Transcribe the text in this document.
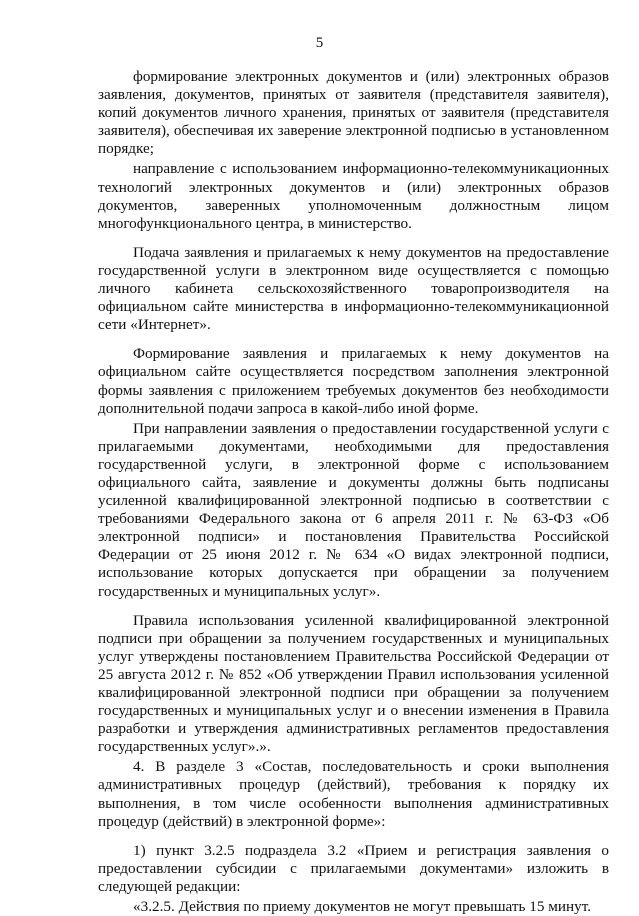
5

формирование электронных документов и (или) электронных образов заявления, документов, принятых от заявителя (представителя заявителя), копий документов личного хранения, принятых от заявителя (представителя заявителя), обеспечивая их заверение электронной подписью в установленном порядке;

направление с использованием информационно-телекоммуникационных технологий электронных документов и (или) электронных образов документов, заверенных уполномоченным должностным лицом многофункционального центра, в министерство.

Подача заявления и прилагаемых к нему документов на предоставление государственной услуги в электронном виде осуществляется с помощью личного кабинета сельскохозяйственного товаропроизводителя на официальном сайте министерства в информационно-телекоммуникационной сети «Интернет».

Формирование заявления и прилагаемых к нему документов на официальном сайте осуществляется посредством заполнения электронной формы заявления с приложением требуемых документов без необходимости дополнительной подачи запроса в какой-либо иной форме.

При направлении заявления о предоставлении государственной услуги с прилагаемыми документами, необходимыми для предоставления государственной услуги, в электронной форме с использованием официального сайта, заявление и документы должны быть подписаны усиленной квалифицированной электронной подписью в соответствии с требованиями Федерального закона от 6 апреля 2011 г. № 63-ФЗ «Об электронной подписи» и постановления Правительства Российской Федерации от 25 июня 2012 г. № 634 «О видах электронной подписи, использование которых допускается при обращении за получением государственных и муниципальных услуг».

Правила использования усиленной квалифицированной электронной подписи при обращении за получением государственных и муниципальных услуг утверждены постановлением Правительства Российской Федерации от 25 августа 2012 г. № 852 «Об утверждении Правил использования усиленной квалифицированной электронной подписи при обращении за получением государственных и муниципальных услуг и о внесении изменения в Правила разработки и утверждения административных регламентов предоставления государственных услуг».».

4. В разделе 3 «Состав, последовательность и сроки выполнения административных процедур (действий), требования к порядку их выполнения, в том числе особенности выполнения административных процедур (действий) в электронной форме»:

1) пункт 3.2.5 подраздела 3.2 «Прием и регистрация заявления о предоставлении субсидии с прилагаемыми документами» изложить в следующей редакции:

«3.2.5. Действия по приему документов не могут превышать 15 минут.
